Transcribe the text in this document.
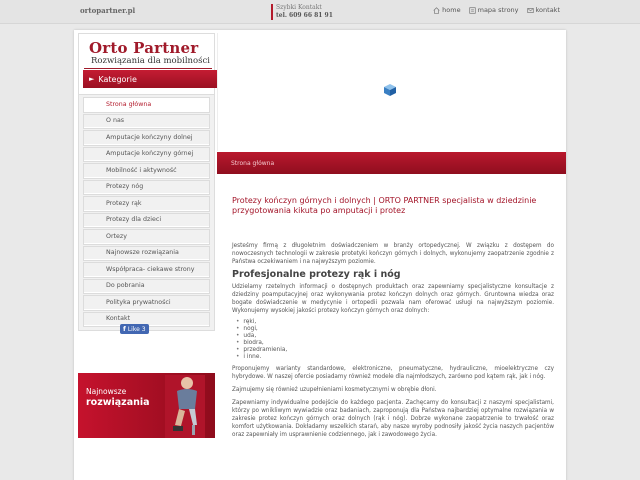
ortopartner.pl	Szybki Kontakt
tel. 609 66 81 91
home	mapa strony	kontakt
Orto Partner
Rozwiązania dla mobilności
► Kategorie
Strona główna
O nas
Amputacje kończyny dolnej
Amputacje kończyny górnej
Mobilność i aktywność
Protezy nóg
Protezy rąk
Protezy dla dzieci
Ortezy
Najnowsze rozwiązania
Współpraca- ciekawe strony
Do pobrania
Polityka prywatności
Kontakt
f Like 3
Najnowsze
rozwiązania
Strona główna
Protezy kończyn górnych i dolnych | ORTO PARTNER specjalista w dziedzinie przygotowania kikuta po amputacji i protez

Jesteśmy firmą z długoletnim doświadczeniem w branży ortopedycznej. W związku z dostępem do nowoczesnych technologii w zakresie protetyki kończyn górnych i dolnych, wykonujemy zaopatrzenie zgodnie z Państwa oczekiwaniem i na najwyższym poziomie.

Profesjonalne protezy rąk i nóg

Udzielamy rzetelnych informacji o dostępnych produktach oraz zapewniamy specjalistyczne konsultacje z dziedziny poamputacyjnej oraz wykonywania protez kończyn dolnych oraz górnych. Gruntowna wiedza oraz bogate doświadczenie w medycynie i ortopedii pozwala nam oferować usługi na najwyższym poziomie. Wykonujemy wysokiej jakości protezy kończyn górnych oraz dolnych:

• ręki,
• nogi,
• uda,
• biodra,
• przedramienia,
• i inne.

Proponujemy warianty standardowe, elektroniczne, pneumatyczne, hydrauliczne, mioelektryczne czy hybrydowe. W naszej ofercie posiadamy również modele dla najmłodszych, zarówno pod kątem rąk, jak i nóg.

Zajmujemy się również uzupełnieniami kosmetycznymi w obrębie dłoni.

Zapewniamy indywidualne podejście do każdego pacjenta. Zachęcamy do konsultacji z naszymi specjalistami, którzy po wnikliwym wywiadzie oraz badaniach, zaproponują dla Państwa najbardziej optymalne rozwiązania w zakresie protez kończyn górnych oraz dolnych (rąk i nóg). Dobrze wykonane zaopatrzenie to trwałość oraz komfort użytkowania. Dokładamy wszelkich starań, aby nasze wyroby podnosiły jakość życia naszych pacjentów oraz zapewniały im usprawnienie codziennego, jak i zawodowego życia.
